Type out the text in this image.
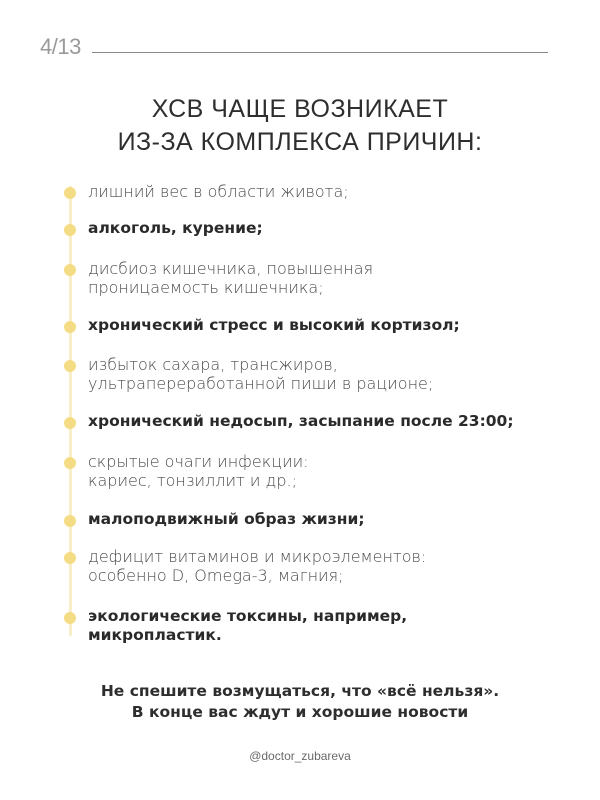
4/13
ХСВ ЧАЩЕ ВОЗНИКАЕТ
ИЗ-ЗА КОМПЛЕКСА ПРИЧИН:
лишний вес в области живота;
алкоголь, курение;
дисбиоз кишечника, повышенная
проницаемость кишечника;
хронический стресс и высокий кортизол;
избыток сахара, трансжиров,
ультрапереработанной пиши в рационе;
хронический недосып, засыпание после 23:00;
скрытые очаги инфекции:
кариес, тонзиллит и др.;
малоподвижный образ жизни;
дефицит витаминов и микроэлементов:
особенно D, Omega-3, магния;
экологические токсины, например,
микропластик.
Не спешите возмущаться, что «всё нельзя».
В конце вас ждут и хорошие новости
@doctor_zubareva
